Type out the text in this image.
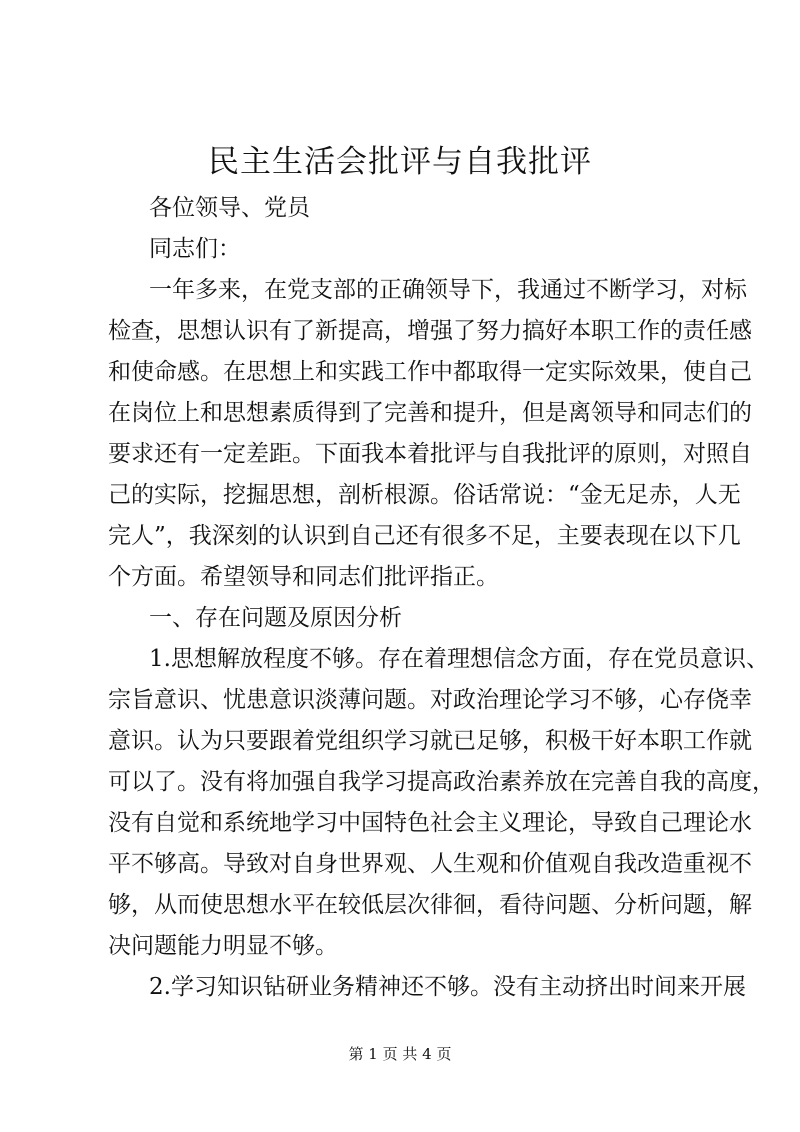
民主生活会批评与自我批评
各位领导、党员
同志们：
一年多来，在党支部的正确领导下，我通过不断学习，对标
检查，思想认识有了新提高，增强了努力搞好本职工作的责任感
和使命感。在思想上和实践工作中都取得一定实际效果，使自己
在岗位上和思想素质得到了完善和提升，但是离领导和同志们的
要求还有一定差距。下面我本着批评与自我批评的原则，对照自
己的实际，挖掘思想，剖析根源。俗话常说：“金无足赤，人无
完人”，我深刻的认识到自己还有很多不足，主要表现在以下几
个方面。希望领导和同志们批评指正。
一、存在问题及原因分析
1.思想解放程度不够。存在着理想信念方面，存在党员意识、
宗旨意识、忧患意识淡薄问题。对政治理论学习不够，心存侥幸
意识。认为只要跟着党组织学习就已足够，积极干好本职工作就
可以了。没有将加强自我学习提高政治素养放在完善自我的高度，
没有自觉和系统地学习中国特色社会主义理论，导致自己理论水
平不够高。导致对自身世界观、人生观和价值观自我改造重视不
够，从而使思想水平在较低层次徘徊，看待问题、分析问题，解
决问题能力明显不够。
2.学习知识钻研业务精神还不够。没有主动挤出时间来开展
第 1 页 共 4 页
